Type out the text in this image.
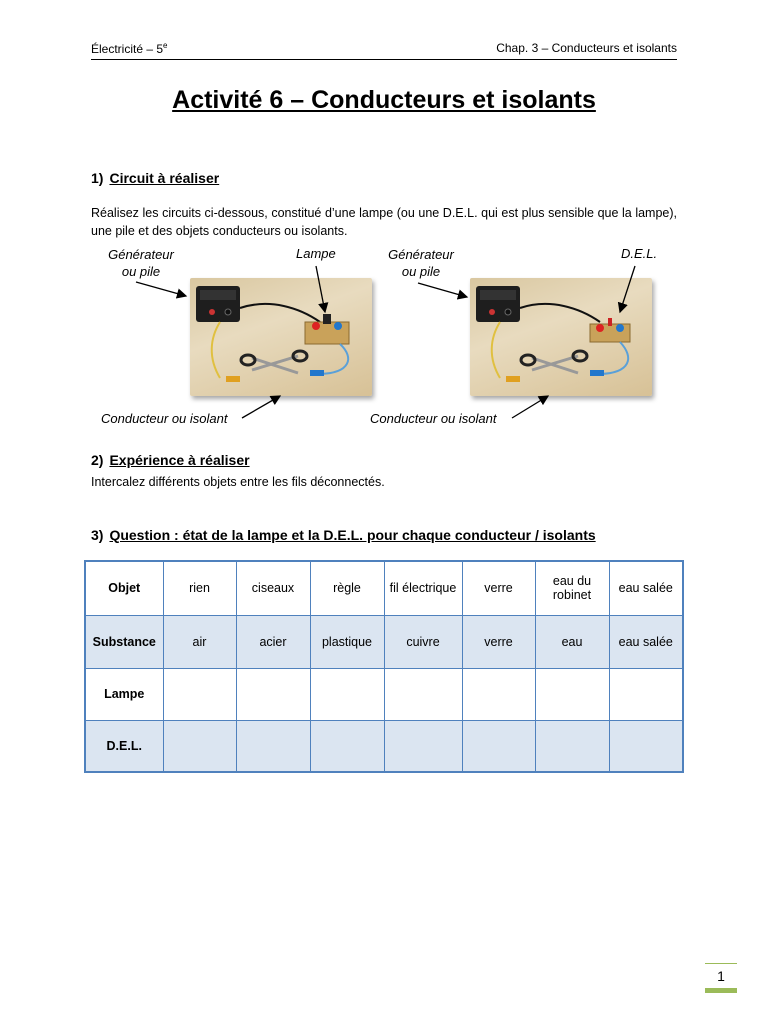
Électricité – 5e	Chap. 3 – Conducteurs et isolants
Activité 6 – Conducteurs et isolants
1) Circuit à réaliser
Réalisez les circuits ci-dessous, constitué d’une lampe (ou une D.E.L. qui est plus sensible que la lampe), une pile et des objets conducteurs ou isolants.
Générateur
ou pile
Lampe
Conducteur ou isolant
Générateur
ou pile
D.E.L.
Conducteur ou isolant
2) Expérience à réaliser
Intercalez différents objets entre les fils déconnectés.
3) Question : état de la lampe et la D.E.L. pour chaque conducteur / isolants
Objet	rien	ciseaux	règle	fil électrique	verre	eau du robinet	eau salée
Substance	air	acier	plastique	cuivre	verre	eau	eau salée
Lampe							
D.E.L.							
1
